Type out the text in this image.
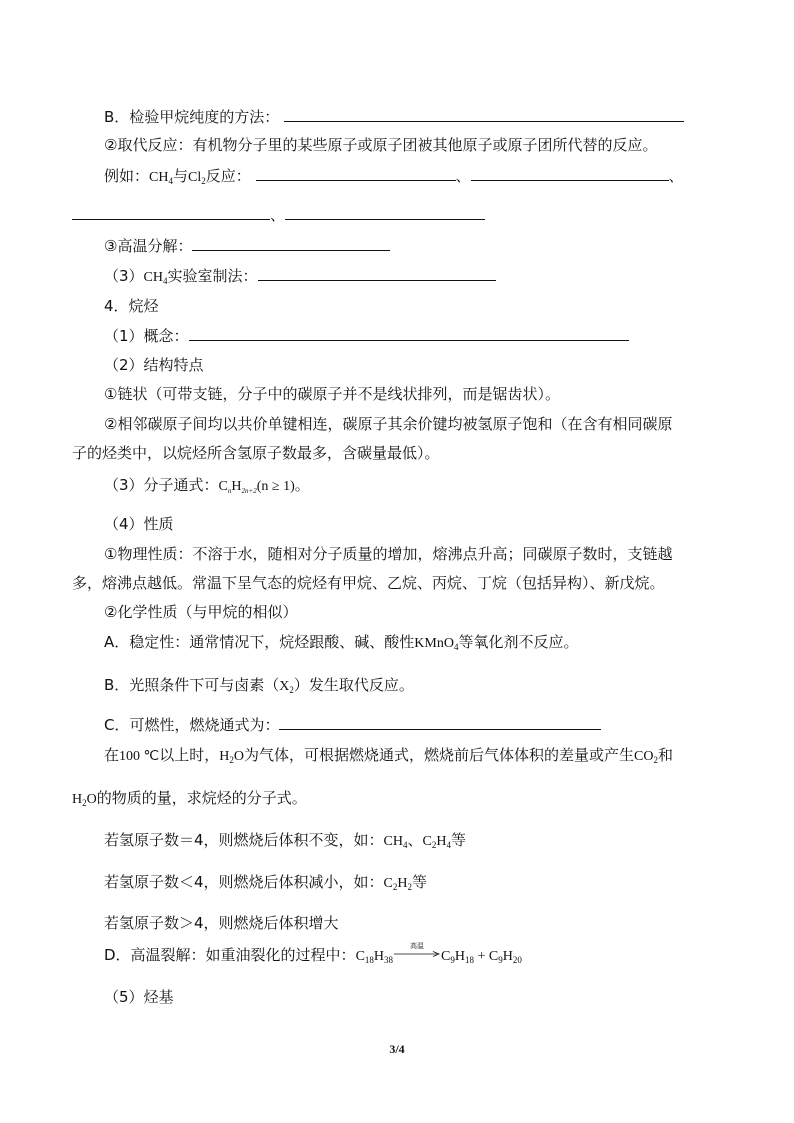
B．检验甲烷纯度的方法：
②取代反应：有机物分子里的某些原子或原子团被其他原子或原子团所代替的反应。
例如：$CH_4$与$Cl_2$反应：	、	、
、
③高温分解：
$(3)CH_4$实验室制法：
4．烷烃
（1）概念：
（2）结构特点
①链状（可带支链，分子中的碳原子并不是线状排列，而是锯齿状）。
②相邻碳原子间均以共价单键相连，碳原子其余价键均被氢原子饱和（在含有相同碳原
子的烃类中，以烷烃所含氢原子数最多，含碳量最低）。
（3）分子通式：$C_nH_{2n+2}(n \ge 1)$。
（4）性质
①物理性质：不溶于水，随相对分子质量的增加，熔沸点升高；同碳原子数时，支链越
多，熔沸点越低。常温下呈气态的烷烃有甲烷、乙烷、丙烷、丁烷（包括异构）、新戊烷。
②化学性质（与甲烷的相似）
A．稳定性：通常情况下，烷烃跟酸、碱、酸性KMnO$_4$等氧化剂不反应。
B．光照条件下可与卤素$(X_2)$发生取代反应。
C．可燃性，燃烧通式为：
在100 ℃以上时，$H_2O$为气体，可根据燃烧通式，燃烧前后气体体积的差量或产生$CO_2$和
$H_2O$的物质的量，求烷烃的分子式。
若氢原子数＝4，则燃烧后体积不变，如：$CH_4$、$C_2H_4$等
若氢原子数＜4，则燃烧后体积减小，如：$C_2H_2$等
若氢原子数＞4，则燃烧后体积增大
D．高温裂解：如重油裂化的过程中：$C_{18}H_{38}$
高温
$C_9H_{18} + C_9H_{20}$
（5）烃基
3/4
